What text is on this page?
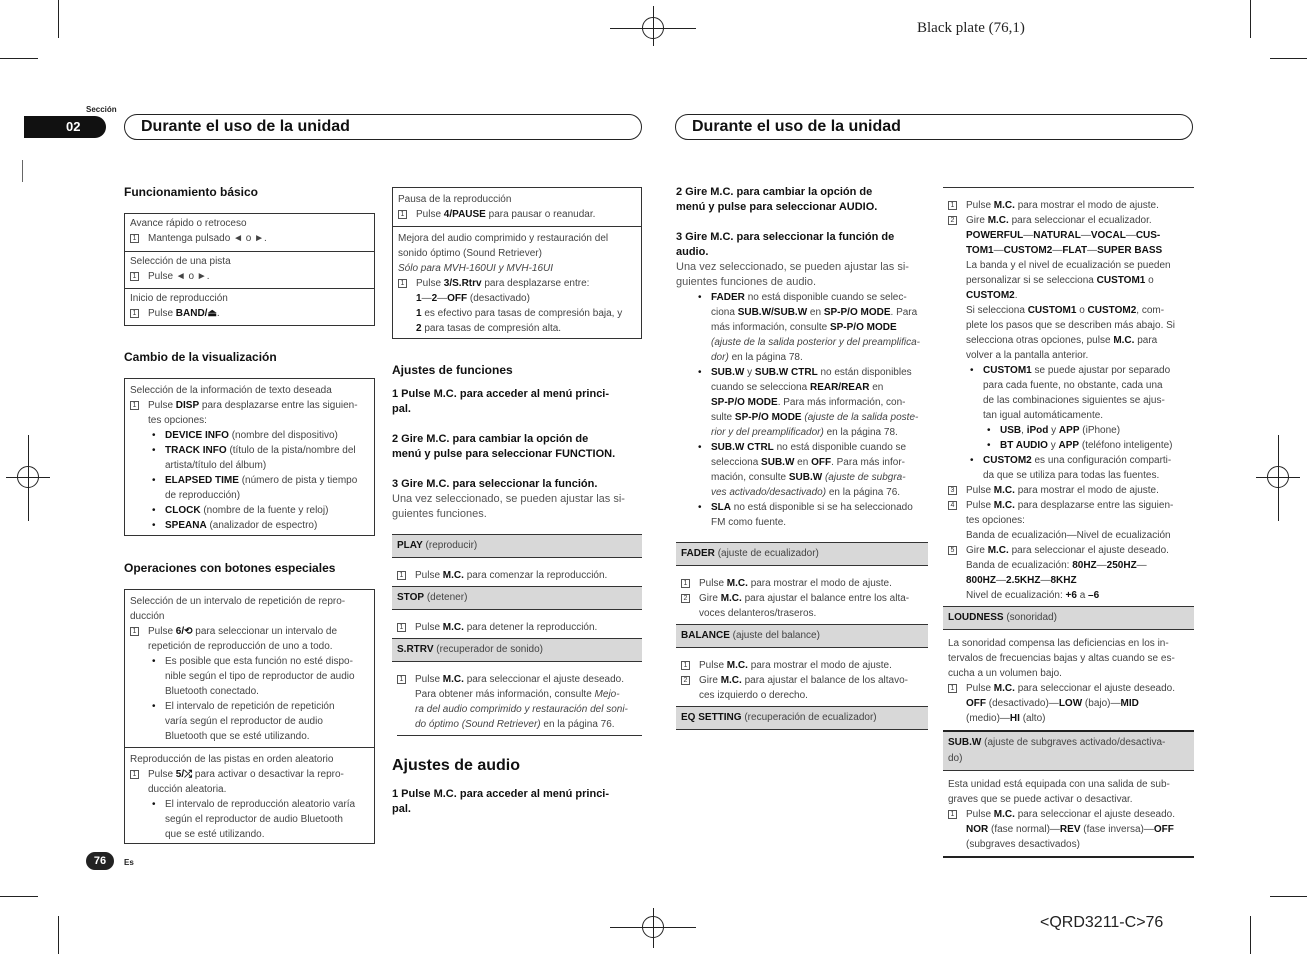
Black plate (76,1)
<QRD3211-C>76
Sección
02	Durante el uso de la unidad	Durante el uso de la unidad
Funcionamiento básico
Avance rápido o retroceso
1 Mantenga pulsado ◄ o ►.
Selección de una pista
1 Pulse ◄ o ►.
Inicio de reproducción
1 Pulse BAND/⏏.
Cambio de la visualización
Selección de la información de texto deseada
1 Pulse DISP para desplazarse entre las siguien-
tes opciones:
• DEVICE INFO (nombre del dispositivo)
• TRACK INFO (título de la pista/nombre del
artista/título del álbum)
• ELAPSED TIME (número de pista y tiempo
de reproducción)
• CLOCK (nombre de la fuente y reloj)
• SPEANA (analizador de espectro)
Operaciones con botones especiales
Selección de un intervalo de repetición de repro-
ducción
1 Pulse 6/⟲ para seleccionar un intervalo de
repetición de reproducción de uno a todo.
• Es posible que esta función no esté dispo-
nible según el tipo de reproductor de audio
Bluetooth conectado.
• El intervalo de repetición de repetición
varía según el reproductor de audio
Bluetooth que se esté utilizando.
Reproducción de las pistas en orden aleatorio
1 Pulse 5/⤮ para activar o desactivar la repro-
ducción aleatoria.
• El intervalo de reproducción aleatorio varía
según el reproductor de audio Bluetooth
que se esté utilizando.
76	Es
Pausa de la reproducción
1 Pulse 4/PAUSE para pausar o reanudar.
Mejora del audio comprimido y restauración del
sonido óptimo (Sound Retriever)
Sólo para MVH-160UI y MVH-16UI
1 Pulse 3/S.Rtrv para desplazarse entre:
1—2—OFF (desactivado)
1 es efectivo para tasas de compresión baja, y
2 para tasas de compresión alta.
Ajustes de funciones
1 Pulse M.C. para acceder al menú princi-
pal.
2 Gire M.C. para cambiar la opción de
menú y pulse para seleccionar FUNCTION.
3 Gire M.C. para seleccionar la función.
Una vez seleccionado, se pueden ajustar las si-
guientes funciones.
PLAY (reproducir)
1 Pulse M.C. para comenzar la reproducción.
STOP (detener)
1 Pulse M.C. para detener la reproducción.
S.RTRV (recuperador de sonido)
1 Pulse M.C. para seleccionar el ajuste deseado.
Para obtener más información, consulte Mejo-
ra del audio comprimido y restauración del soni-
do óptimo (Sound Retriever) en la página 76.
Ajustes de audio
1 Pulse M.C. para acceder al menú princi-
pal.
2 Gire M.C. para cambiar la opción de
menú y pulse para seleccionar AUDIO.
3 Gire M.C. para seleccionar la función de
audio.
Una vez seleccionado, se pueden ajustar las si-
guientes funciones de audio.
• FADER no está disponible cuando se selec-
ciona SUB.W/SUB.W en SP-P/O MODE. Para
más información, consulte SP-P/O MODE
(ajuste de la salida posterior y del preamplifica-
dor) en la página 78.
• SUB.W y SUB.W CTRL no están disponibles
cuando se selecciona REAR/REAR en
SP-P/O MODE. Para más información, con-
sulte SP-P/O MODE (ajuste de la salida poste-
rior y del preamplificador) en la página 78.
• SUB.W CTRL no está disponible cuando se
selecciona SUB.W en OFF. Para más infor-
mación, consulte SUB.W (ajuste de subgra-
ves activado/desactivado) en la página 76.
• SLA no está disponible si se ha seleccionado
FM como fuente.
FADER (ajuste de ecualizador)
1 Pulse M.C. para mostrar el modo de ajuste.
2 Gire M.C. para ajustar el balance entre los alta-
voces delanteros/traseros.
BALANCE (ajuste del balance)
1 Pulse M.C. para mostrar el modo de ajuste.
2 Gire M.C. para ajustar el balance de los altavo-
ces izquierdo o derecho.
EQ SETTING (recuperación de ecualizador)
1 Pulse M.C. para mostrar el modo de ajuste.
2 Gire M.C. para seleccionar el ecualizador.
POWERFUL—NATURAL—VOCAL—CUS-
TOM1—CUSTOM2—FLAT—SUPER BASS
La banda y el nivel de ecualización se pueden
personalizar si se selecciona CUSTOM1 o
CUSTOM2.
Si selecciona CUSTOM1 o CUSTOM2, com-
plete los pasos que se describen más abajo. Si
selecciona otras opciones, pulse M.C. para
volver a la pantalla anterior.
• CUSTOM1 se puede ajustar por separado
para cada fuente, no obstante, cada una
de las combinaciones siguientes se ajus-
tan igual automáticamente.
• USB, iPod y APP (iPhone)
• BT AUDIO y APP (teléfono inteligente)
• CUSTOM2 es una configuración comparti-
da que se utiliza para todas las fuentes.
3 Pulse M.C. para mostrar el modo de ajuste.
4 Pulse M.C. para desplazarse entre las siguien-
tes opciones:
Banda de ecualización—Nivel de ecualización
5 Gire M.C. para seleccionar el ajuste deseado.
Banda de ecualización: 80HZ—250HZ—
800HZ—2.5KHZ—8KHZ
Nivel de ecualización: +6 a –6
LOUDNESS (sonoridad)
La sonoridad compensa las deficiencias en los in-
tervalos de frecuencias bajas y altas cuando se es-
cucha a un volumen bajo.
1 Pulse M.C. para seleccionar el ajuste deseado.
OFF (desactivado)—LOW (bajo)—MID
(medio)—HI (alto)
SUB.W (ajuste de subgraves activado/desactiva-
do)
Esta unidad está equipada con una salida de sub-
graves que se puede activar o desactivar.
1 Pulse M.C. para seleccionar el ajuste deseado.
NOR (fase normal)—REV (fase inversa)—OFF
(subgraves desactivados)
